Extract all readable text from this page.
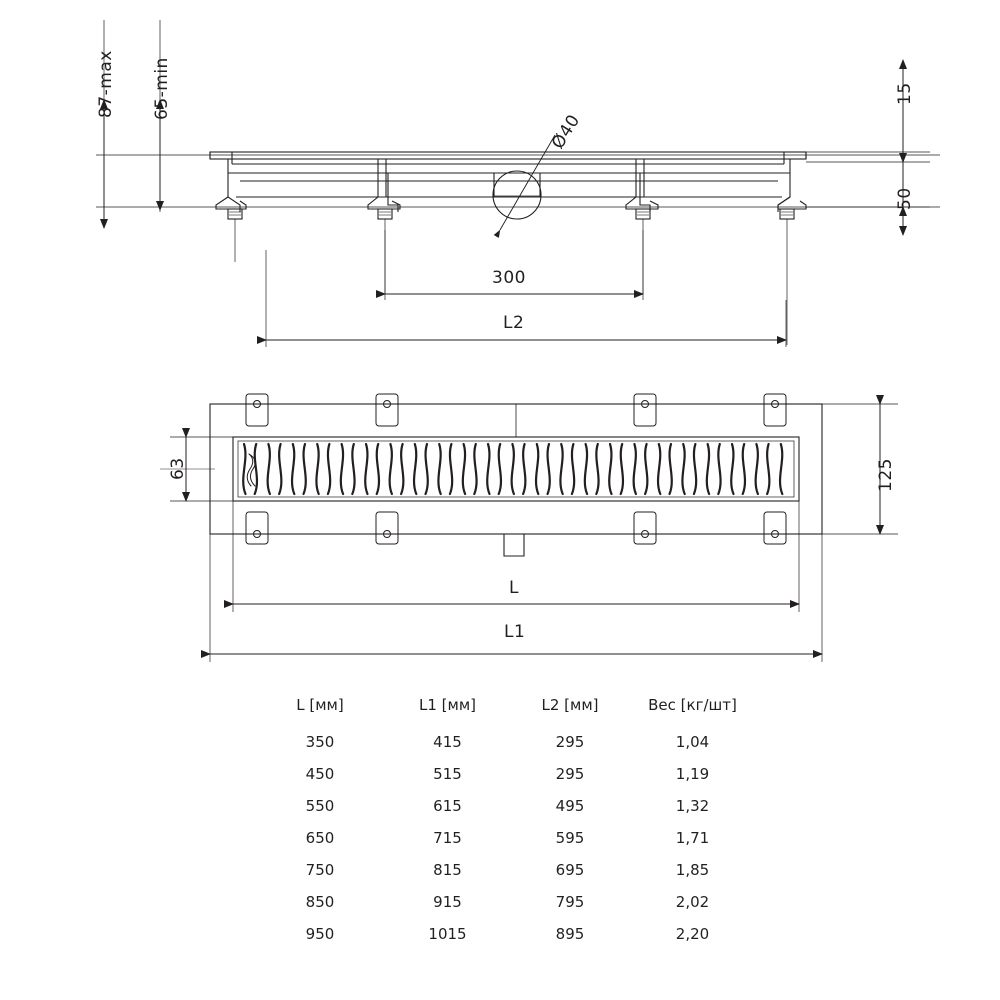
87-max 65-min
Ø40
300
L2
15
50
63	125
L
L1
L [мм]	L1 [мм]	L2 [мм]	Вес [кг/шт]
350	415	295	1,04
450	515	295	1,19
550	615	495	1,32
650	715	595	1,71
750	815	695	1,85
850	915	795	2,02
950	1015	895	2,20
